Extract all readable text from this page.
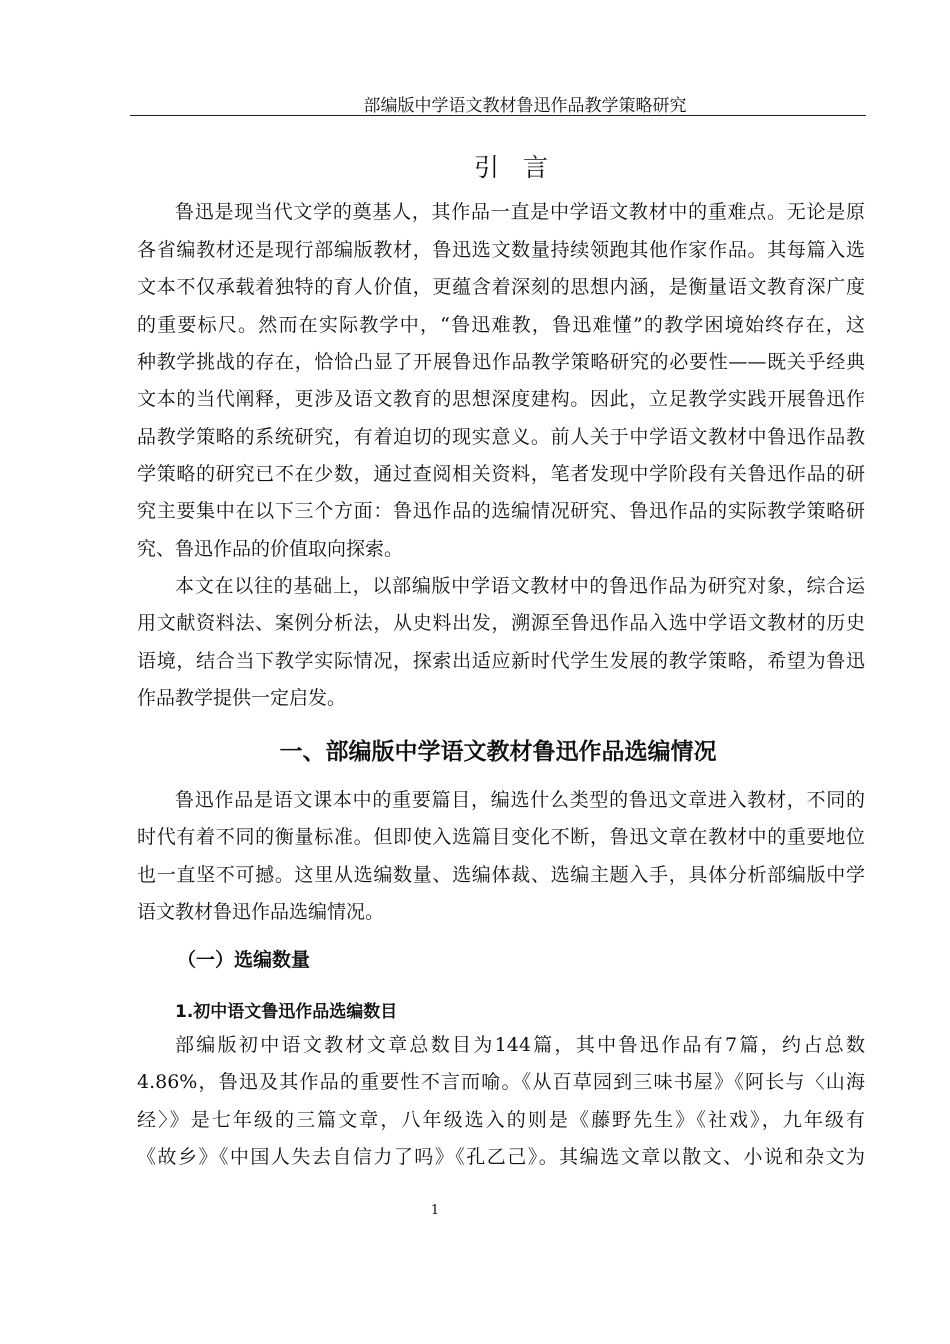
部编版中学语文教材鲁迅作品教学策略研究
引言
鲁迅是现当代文学的奠基人，其作品一直是中学语文教材中的重难点。无论是原
各省编教材还是现行部编版教材，鲁迅选文数量持续领跑其他作家作品。其每篇入选
文本不仅承载着独特的育人价值，更蕴含着深刻的思想内涵，是衡量语文教育深广度
的重要标尺。然而在实际教学中，“鲁迅难教，鲁迅难懂”的教学困境始终存在，这
种教学挑战的存在，恰恰凸显了开展鲁迅作品教学策略研究的必要性——既关乎经典
文本的当代阐释，更涉及语文教育的思想深度建构。因此，立足教学实践开展鲁迅作
品教学策略的系统研究，有着迫切的现实意义。前人关于中学语文教材中鲁迅作品教
学策略的研究已不在少数，通过查阅相关资料，笔者发现中学阶段有关鲁迅作品的研
究主要集中在以下三个方面：鲁迅作品的选编情况研究、鲁迅作品的实际教学策略研
究、鲁迅作品的价值取向探索。
本文在以往的基础上，以部编版中学语文教材中的鲁迅作品为研究对象，综合运
用文献资料法、案例分析法，从史料出发，溯源至鲁迅作品入选中学语文教材的历史
语境，结合当下教学实际情况，探索出适应新时代学生发展的教学策略，希望为鲁迅
作品教学提供一定启发。
一、部编版中学语文教材鲁迅作品选编情况
鲁迅作品是语文课本中的重要篇目，编选什么类型的鲁迅文章进入教材，不同的
时代有着不同的衡量标准。但即使入选篇目变化不断，鲁迅文章在教材中的重要地位
也一直坚不可撼。这里从选编数量、选编体裁、选编主题入手，具体分析部编版中学
语文教材鲁迅作品选编情况。
（一）选编数量
1.初中语文鲁迅作品选编数目
部编版初中语文教材文章总数目为144篇，其中鲁迅作品有7篇，约占总数
4.86%，鲁迅及其作品的重要性不言而喻。《从百草园到三味书屋》《阿长与〈山海
经〉》是七年级的三篇文章，八年级选入的则是《藤野先生》《社戏》，九年级有
《故乡》《中国人失去自信力了吗》《孔乙己》。其编选文章以散文、小说和杂文为
1
